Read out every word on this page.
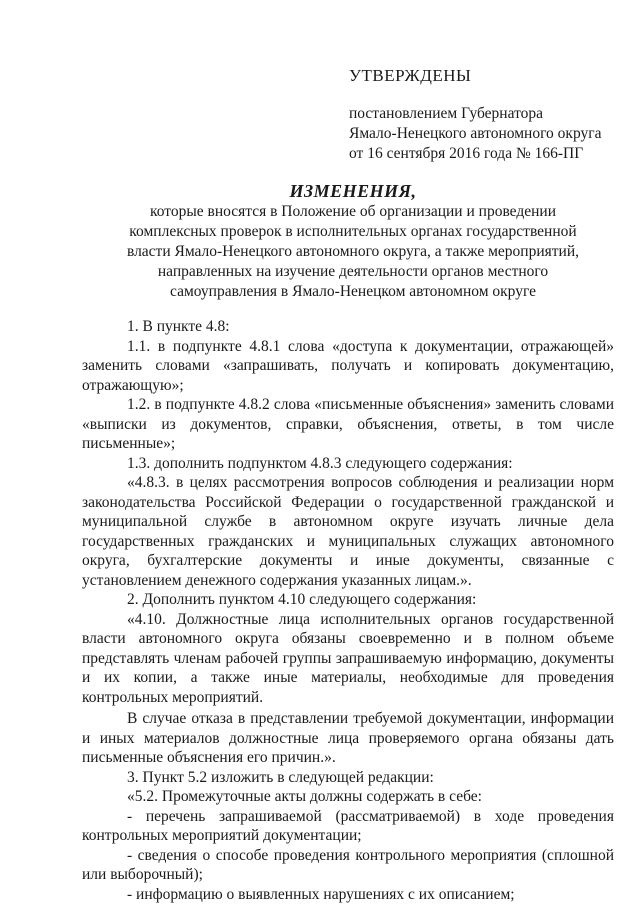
УТВЕРЖДЕНЫ
постановлением Губернатора
Ямало-Ненецкого автономного округа
от 16 сентября 2016 года № 166-ПГ
ИЗМЕНЕНИЯ,
которые вносятся в Положение об организации и проведении
комплексных проверок в исполнительных органах государственной
власти Ямало-Ненецкого автономного округа, а также мероприятий,
направленных на изучение деятельности органов местного
самоуправления в Ямало-Ненецком автономном округе

1. В пункте 4.8:

1.1. в подпункте 4.8.1 слова «доступа к документации, отражающей» заменить словами «запрашивать, получать и копировать документацию, отражающую»;

1.2. в подпункте 4.8.2 слова «письменные объяснения» заменить словами «выписки из документов, справки, объяснения, ответы, в том числе письменные»;

1.3. дополнить подпунктом 4.8.3 следующего содержания:

«4.8.3. в целях рассмотрения вопросов соблюдения и реализации норм законодательства Российской Федерации о государственной гражданской и муниципальной службе в автономном округе изучать личные дела государственных гражданских и муниципальных служащих автономного округа, бухгалтерские документы и иные документы, связанные с установлением денежного содержания указанных лицам.».

2. Дополнить пунктом 4.10 следующего содержания:

«4.10. Должностные лица исполнительных органов государственной власти автономного округа обязаны своевременно и в полном объеме представлять членам рабочей группы запрашиваемую информацию, документы и их копии, а также иные материалы, необходимые для проведения контрольных мероприятий.

В случае отказа в представлении требуемой документации, информации и иных материалов должностные лица проверяемого органа обязаны дать письменные объяснения его причин.».

3. Пункт 5.2 изложить в следующей редакции:

«5.2. Промежуточные акты должны содержать в себе:

- перечень запрашиваемой (рассматриваемой) в ходе проведения контрольных мероприятий документации;

- сведения о способе проведения контрольного мероприятия (сплошной или выборочный);

- информацию о выявленных нарушениях с их описанием;
